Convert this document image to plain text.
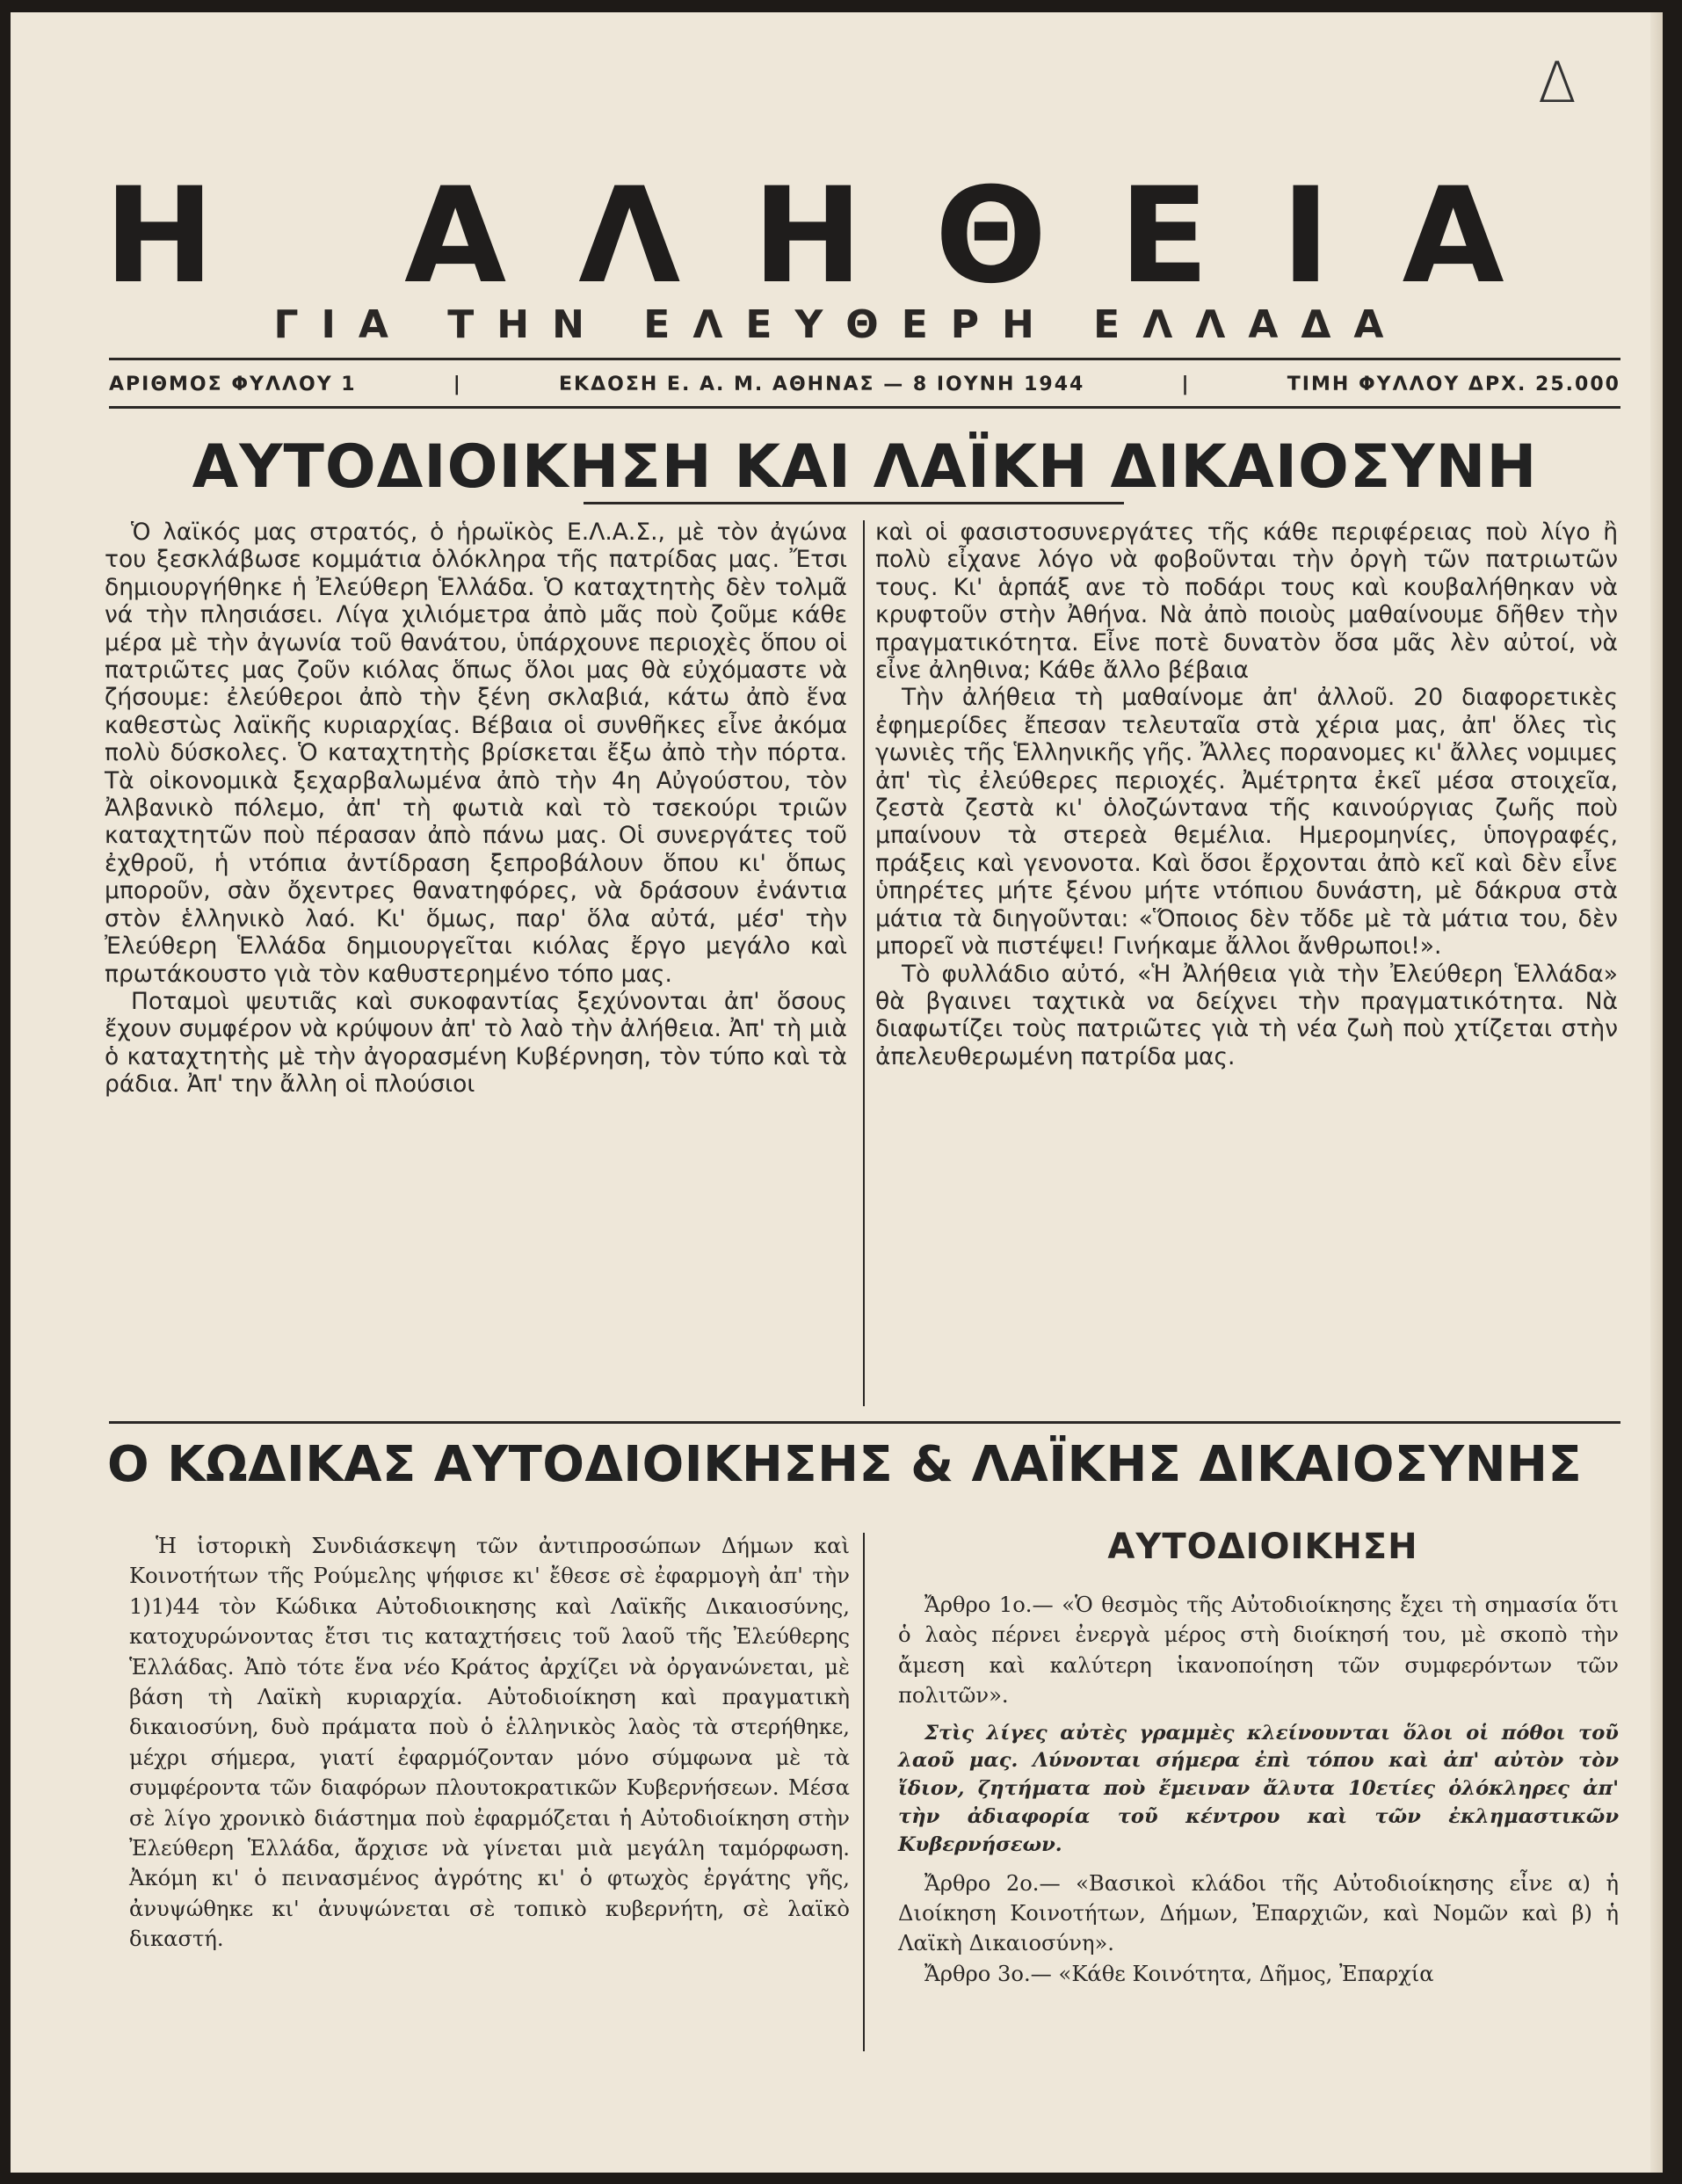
Δ
Η ΑΛΗΘΕΙΑ
ΓΙΑ ΤΗΝ ΕΛΕΥΘΕΡΗ ΕΛΛΑΔΑ
ΑΡΙΘΜΟΣ ΦΥΛΛΟΥ 1	|	ΕΚΔΟΣΗ Ε. Α. Μ. ΑΘΗΝΑΣ — 8 ΙΟΥΝΗ 1944	|	ΤΙΜΗ ΦΥΛΛΟΥ ΔΡΧ. 25.000
ΑΥΤΟΔΙΟΙΚΗΣΗ ΚΑΙ ΛΑΪΚΗ ΔΙΚΑΙΟΣΥΝΗ

Ὁ λαϊκός μας στρατός, ὁ ἡρωϊκὸς Ε.Λ.Α.Σ., μὲ τὸν ἀγώνα του ξεσκλάβωσε κομμάτια ὁλόκληρα τῆς πατρίδας μας. Ἔτσι δημιουργήθηκε ἡ Ἐλεύθερη Ἑλλάδα. Ὁ καταχτητὴς δὲν τολμᾶ νά τὴν πλησιάσει. Λίγα χιλιόμετρα ἀπὸ μᾶς ποὺ ζοῦμε κάθε μέρα μὲ τὴν ἀγωνία τοῦ θανάτου, ὑπάρχουνε περιοχὲς ὅπου οἱ πατριῶτες μας ζοῦν κιόλας ὅπως ὅλοι μας θὰ εὐχόμαστε νὰ ζήσουμε: ἐλεύθεροι ἀπὸ τὴν ξένη σκλαβιά, κάτω ἀπὸ ἕνα καθεστὼς λαϊκῆς κυριαρχίας. Βέβαια οἱ συνθῆκες εἶνε ἀκόμα πολὺ δύσκολες. Ὁ καταχτητὴς βρίσκεται ἔξω ἀπὸ τὴν πόρτα. Τὰ οἰκονομικὰ ξεχαρβαλωμένα ἀπὸ τὴν 4η Αὐγούστου, τὸν Ἀλβανικὸ πόλεμο, ἀπ' τὴ φωτιὰ καὶ τὸ τσεκούρι τριῶν καταχτητῶν ποὺ πέρασαν ἀπὸ πάνω μας. Οἱ συνεργάτες τοῦ ἐχθροῦ, ἡ ντόπια ἀντίδραση ξεπροβάλουν ὅπου κι' ὅπως μποροῦν, σὰν ὄχεντρες θανατηφόρες, νὰ δράσουν ἐνάντια στὸν ἑλληνικὸ λαό. Κι' ὅμως, παρ' ὅλα αὐτά, μέσ' τὴν Ἐλεύθερη Ἑλλάδα δημιουργεῖται κιόλας ἔργο μεγάλο καὶ πρωτάκουστο γιὰ τὸν καθυστερημένο τόπο μας.

Ποταμοὶ ψευτιᾶς καὶ συκοφαντίας ξεχύνονται ἀπ' ὅσους ἔχουν συμφέρον νὰ κρύψουν ἀπ' τὸ λαὸ τὴν ἀλήθεια. Ἀπ' τὴ μιὰ ὁ καταχτητὴς μὲ τὴν ἀγορασμένη Κυβέρνηση, τὸν τύπο καὶ τὰ ράδια. Ἀπ' την ἄλλη οἱ πλούσιοι

καὶ οἱ φασιστοσυνεργάτες τῆς κάθε περιφέρειας ποὺ λίγο ἢ πολὺ εἶχανε λόγο νὰ φοβοῦνται τὴν ὀργὴ τῶν πατριωτῶν τους. Κι' ἁρπάξ ανε τὸ ποδάρι τους καὶ κουβαλήθηκαν νὰ κρυφτοῦν στὴν Ἀθήνα. Νὰ ἀπὸ ποιοὺς μαθαίνουμε δῆθεν τὴν πραγματικότητα. Εἶνε ποτὲ δυνατὸν ὅσα μᾶς λὲν αὐτοί, νὰ εἶνε ἀληθινα; Κάθε ἄλλο βέβαια

Τὴν ἀλήθεια τὴ μαθαίνομε ἀπ' ἀλλοῦ. 20 διαφορετικὲς ἐφημερίδες ἔπεσαν τελευταῖα στὰ χέρια μας, ἀπ' ὅλες τὶς γωνιὲς τῆς Ἑλληνικῆς γῆς. Ἄλλες πoρανομες κι' ἄλλες νομιμες ἀπ' τὶς ἐλεύθερες περιοχές. Ἀμέτρητα ἐκεῖ μέσα στοιχεῖα, ζεστὰ ζεστὰ κι' ὁλοζώντανα τῆς καινούργιας ζωῆς ποὺ μπαίνουν τὰ στερεὰ θεμέλια. Ημερομηνίες, ὑπογραφές, πράξεις καὶ γενονοτα. Καὶ ὅσοι ἔρχονται ἀπὸ κεῖ καὶ δὲν εἶνε ὑπηρέτες μήτε ξένου μήτε ντόπιου δυνάστη, μὲ δάκρυα στὰ μάτια τὰ διηγοῦνται: «Ὅποιος δὲν τὄδε μὲ τὰ μάτια του, δὲν μπορεῖ νὰ πιστέψει! Γινήκαμε ἄλλοι ἄνθρωποι!».

Τὸ φυλλάδιο αὐτό, «Ἡ Ἀλήθεια γιὰ τὴν Ἐλεύθερη Ἑλλάδα» θὰ βγαινει ταχτικὰ να δείχνει τὴν πραγματικότητα. Νὰ διαφωτίζει τοὺς πατριῶτες γιὰ τὴ νέα ζωὴ ποὺ χτίζεται στὴν ἀπελευθερωμένη πατρίδα μας.

Ο ΚΩΔΙΚΑΣ ΑΥΤΟΔΙΟΙΚΗΣΗΣ & ΛΑΪΚΗΣ ΔΙΚΑΙΟΣΥΝΗΣ

Ἡ ἱστορικὴ Συνδιάσκεψη τῶν ἀντιπροσώπων Δήμων καὶ Κοινοτήτων τῆς Ρούμελης ψήφισε κι' ἔθεσε σὲ ἐφαρμογὴ ἀπ' τὴν 1)1)44 τὸν Κώδικα Αὐτοδιοικησης καὶ Λαϊκῆς Δικαιοσύνης, κατοχυρώνοντας ἔτσι τις καταχτήσεις τοῦ λαοῦ τῆς Ἐλεύθερης Ἑλλάδας. Ἀπὸ τότε ἕνα νέο Κράτος ἀρχίζει νὰ ὀργανώνεται, μὲ βάση τὴ Λαϊκὴ κυριαρχία. Αὐτοδιοίκηση καὶ πραγματικὴ δικαιοσύνη, δυὸ πράματα ποὺ ὁ ἑλληνικὸς λαὸς τὰ στερήθηκε, μέχρι σήμερα, γιατί ἐφαρμόζονταν μόνο σύμφωνα μὲ τὰ συμφέροντα τῶν διαφόρων πλουτοκρατικῶν Κυβερνήσεων. Μέσα σὲ λίγο χρονικὸ διάστημα ποὺ ἐφαρμόζεται ἡ Αὐτοδιοίκηση στὴν Ἐλεύθερη Ἑλλάδα, ἄρχισε νὰ γίνεται μιὰ μεγάλη ταμόρφωση. Ἀκόμη κι' ὁ πεινασμένος ἀγρότης κι' ὁ φτωχὸς ἐργάτης γῆς, ἀνυψώθηκε κι' ἀνυψώνεται σὲ τοπικὸ κυβερνήτη, σὲ λαϊκὸ δικαστή.

ΑΥΤΟΔΙΟΙΚΗΣΗ

Ἄρθρο 1ο.— «Ὁ θεσμὸς τῆς Αὐτοδιοίκησης ἔχει τὴ σημασία ὅτι ὁ λαὸς πέρνει ἐνεργὰ μέρος στὴ διοίκησή του, μὲ σκοπὸ τὴν ἄμεση καὶ καλύτερη ἱκανοποίηση τῶν συμφερόντων τῶν πολιτῶν».

Στὶς λίγες αὐτὲς γραμμὲς κλείνουνται ὅλοι οἱ πόθοι τοῦ λαοῦ μας. Λύνονται σήμερα ἐπὶ τόπου καὶ ἀπ' αὐτὸν τὸν ἴδιον, ζητήματα ποὺ ἔμειναν ἄλυτα 10ετίες ὁλόκληρες ἀπ' τὴν ἀδιαφορία τοῦ κέντρου καὶ τῶν ἐκλημαστικῶν Κυβερνήσεων.

Ἄρθρο 2ο.— «Βασικοὶ κλάδοι τῆς Αὐτοδιοίκησης εἶνε α) ἡ Διοίκηση Κοινοτήτων, Δήμων, Ἐπαρχιῶν, καὶ Νομῶν καὶ β) ἡ Λαϊκὴ Δικαιοσύνη».

Ἄρθρο 3ο.— «Κάθε Κοινότητα, Δῆμος, Ἐπαρχία
